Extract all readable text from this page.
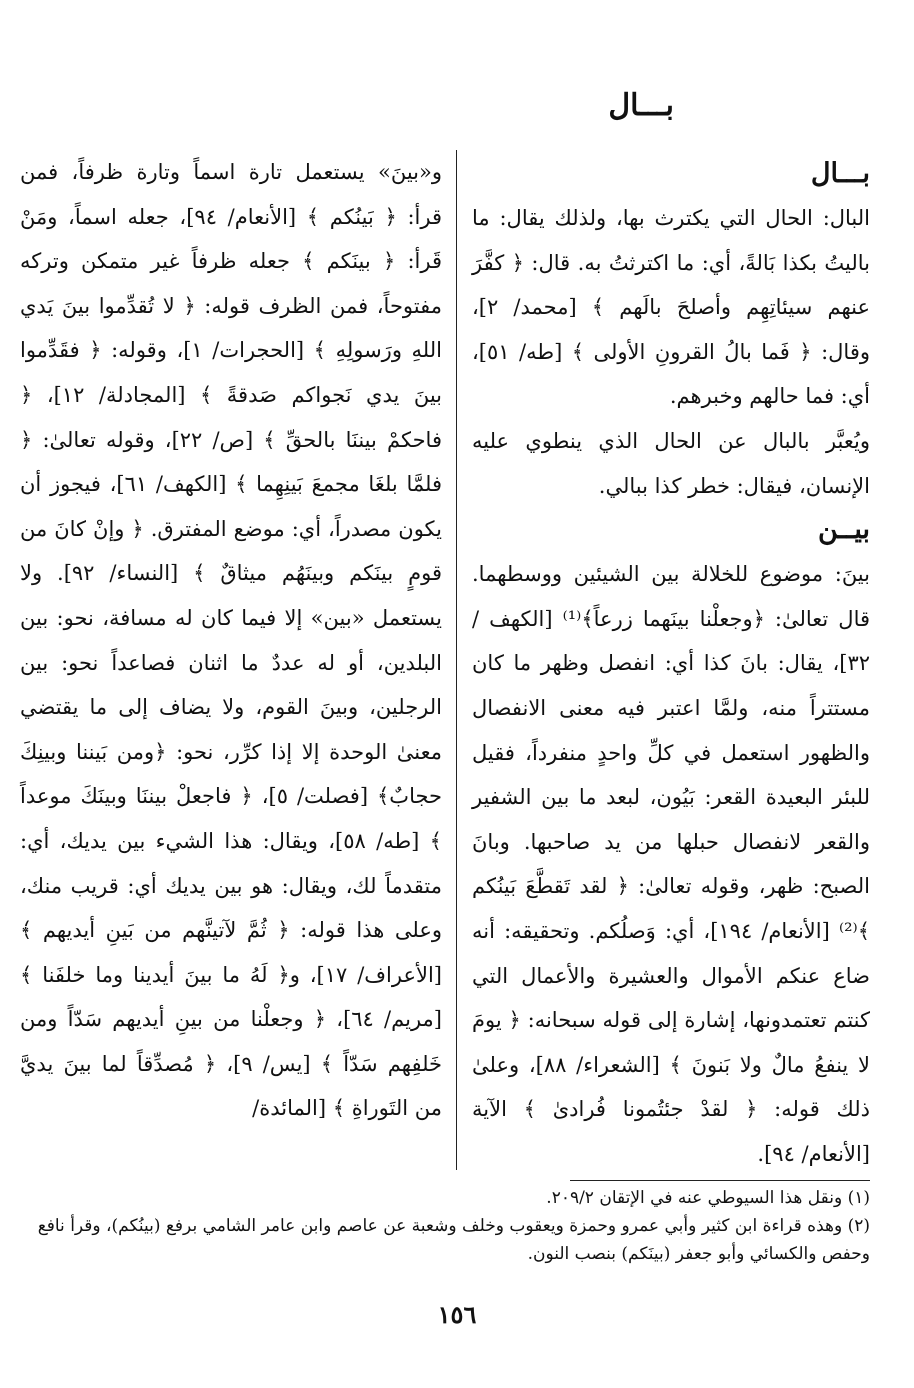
بـــال

بـــال

البال: الحال التي يكترث بها، ولذلك يقال: ما باليتُ بكذا بَالةً، أي: ما اكترثتُ به. قال: ﴿ كفَّرَ عنهم سيئاتِهِم وأصلحَ بالَهم ﴾ [محمد/ ٢]، وقال: ﴿ فَما بالُ القرونِ الأولى ﴾ [طه/ ٥١]، أي: فما حالهم وخبرهم.

ويُعبَّر بالبال عن الحال الذي ينطوي عليه الإنسان، فيقال: خطر كذا ببالي.

بيــن

بينَ: موضوع للخلالة بين الشيئين ووسطهما. قال تعالىٰ: ﴿وجعلْنا بينَهما زرعاً﴾⁽¹⁾ [الكهف / ٣٢]، يقال: بانَ كذا أي: انفصل وظهر ما كان مستتراً منه، ولمَّا اعتبر فيه معنى الانفصال والظهور استعمل في كلِّ واحدٍ منفرداً، فقيل للبئر البعيدة القعر: بَيُون، لبعد ما بين الشفير والقعر لانفصال حبلها من يد صاحبها. وبانَ الصبح: ظهر، وقوله تعالىٰ: ﴿ لقد تَقطَّعَ بَينُكم ﴾⁽²⁾ [الأنعام/ ١٩٤]، أي: وَصلُكم. وتحقيقه: أنه ضاع عنكم الأموال والعشيرة والأعمال التي كنتم تعتمدونها، إشارة إلى قوله سبحانه: ﴿ يومَ لا ينفعُ مالٌ ولا بَنونَ ﴾ [الشعراء/ ٨٨]، وعلىٰ ذلك قوله: ﴿ لقدْ جئتُمونا فُرادىٰ ﴾ الآية [الأنعام/ ٩٤].

و«بينَ» يستعمل تارة اسماً وتارة ظرفاً، فمن قرأ: ﴿ بَينُكم ﴾ [الأنعام/ ٩٤]، جعله اسماً، ومَنْ قَرأ: ﴿ بينَكم ﴾ جعله ظرفاً غير متمكن وتركه مفتوحاً، فمن الظرف قوله: ﴿ لا تُقدِّموا بينَ يَدي اللهِ ورَسولِهِ ﴾ [الحجرات/ ١]، وقوله: ﴿ فقَدِّموا بينَ يدي نَجواكم صَدقةً ﴾ [المجادلة/ ١٢]، ﴿ فاحكمْ بيننَا بالحقِّ ﴾ [ص/ ٢٢]، وقوله تعالىٰ: ﴿ فلمَّا بلغَا مجمعَ بَينِهِما ﴾ [الكهف/ ٦١]، فيجوز أن يكون مصدراً، أي: موضع المفترق. ﴿ وإنْ كانَ من قومٍ بينَكم وبينَهُم ميثاقٌ ﴾ [النساء/ ٩٢]. ولا يستعمل «بين» إلا فيما كان له مسافة، نحو: بين البلدين، أو له عددٌ ما اثنان فصاعداً نحو: بين الرجلين، وبينَ القوم، ولا يضاف إلى ما يقتضي معنىٰ الوحدة إلا إذا كرِّر، نحو: ﴿ومن بَيننا وبينِكَ حجابٌ﴾ [فصلت/ ٥]، ﴿ فاجعلْ بيننَا وبينَكَ موعداً ﴾ [طه/ ٥٨]، ويقال: هذا الشيء بين يديك، أي: متقدماً لك، ويقال: هو بين يديك أي: قريب منك، وعلى هذا قوله: ﴿ ثُمَّ لآتينَّهم من بَينِ أيديهم ﴾ [الأعراف/ ١٧]، و﴿ لَهُ ما بينَ أيدينا وما خلفَنا ﴾ [مريم/ ٦٤]، ﴿ وجعلْنا من بينِ أيديهم سَدّاً ومن خَلفِهم سَدّاً ﴾ [يس/ ٩]، ﴿ مُصدِّقاً لما بينَ يديَّ من التَوراةِ ﴾ [المائدة/

(١) ونقل هذا السيوطي عنه في الإتقان ٢٠٩/٢.

(٢) وهذه قراءة ابن كثير وأبي عمرو وحمزة ويعقوب وخلف وشعبة عن عاصم وابن عامر الشامي برفع (بينُكم)، وقرأ نافع وحفص والكسائي وأبو جعفر (بينَكم) بنصب النون.

١٥٦
